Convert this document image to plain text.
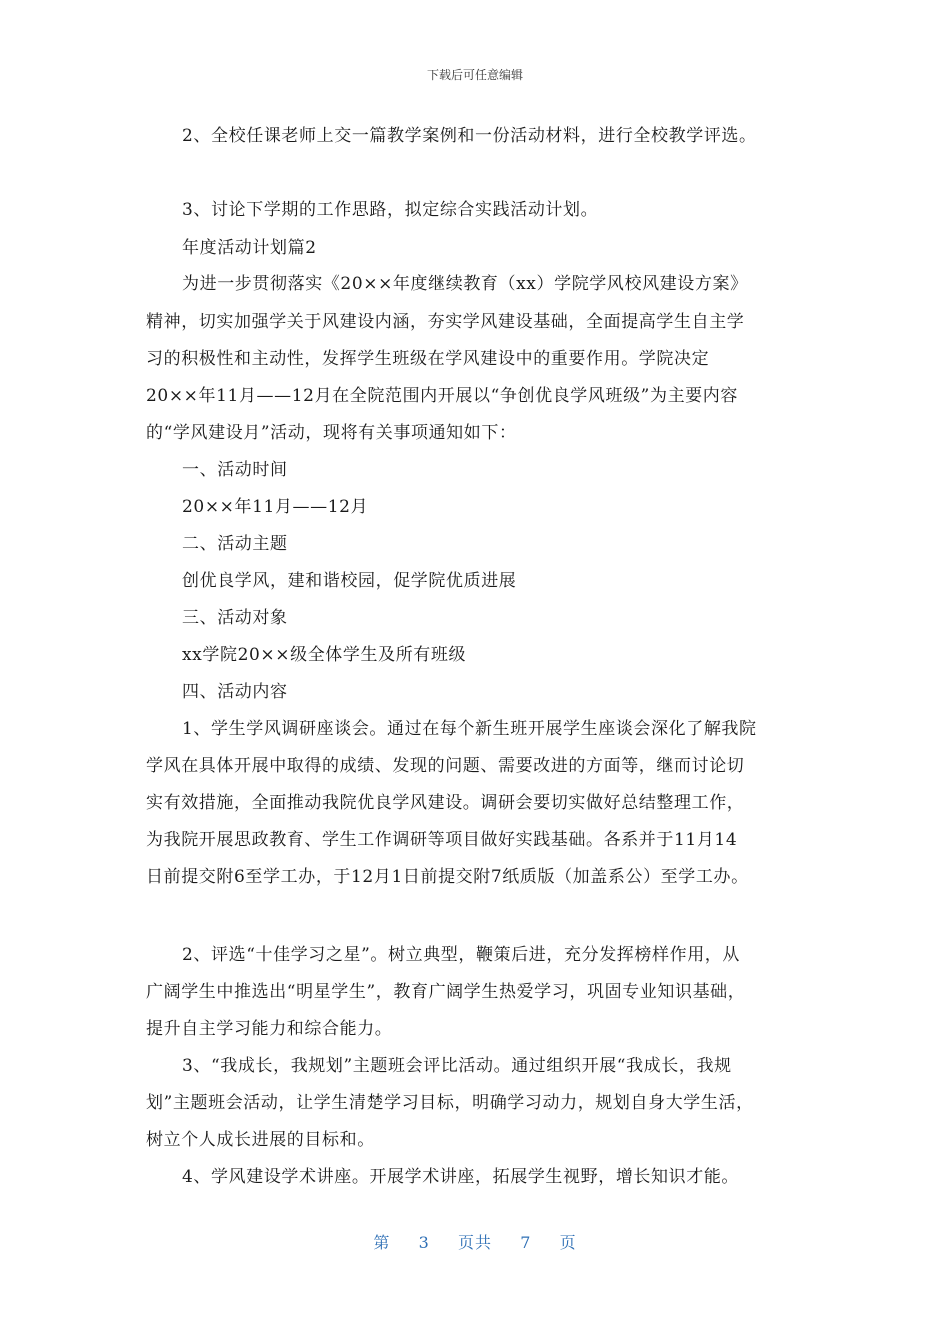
下载后可任意编辑
2、全校任课老师上交一篇教学案例和一份活动材料，进行全校教学评选。
3、讨论下学期的工作思路，拟定综合实践活动计划。
年度活动计划篇2
为进一步贯彻落实《20××年度继续教育（xx）学院学风校风建设方案》
精神，切实加强学关于风建设内涵，夯实学风建设基础，全面提高学生自主学
习的积极性和主动性，发挥学生班级在学风建设中的重要作用。学院决定
20××年11月——12月在全院范围内开展以“争创优良学风班级”为主要内容
的“学风建设月”活动，现将有关事项通知如下：
一、活动时间
20××年11月——12月
二、活动主题
创优良学风，建和谐校园，促学院优质进展
三、活动对象
xx学院20××级全体学生及所有班级
四、活动内容
1、学生学风调研座谈会。通过在每个新生班开展学生座谈会深化了解我院
学风在具体开展中取得的成绩、发现的问题、需要改进的方面等，继而讨论切
实有效措施，全面推动我院优良学风建设。调研会要切实做好总结整理工作，
为我院开展思政教育、学生工作调研等项目做好实践基础。各系并于11月14
日前提交附6至学工办，于12月1日前提交附7纸质版（加盖系公）至学工办。
2、评选“十佳学习之星”。树立典型，鞭策后进，充分发挥榜样作用，从
广阔学生中推选出“明星学生”，教育广阔学生热爱学习，巩固专业知识基础，
提升自主学习能力和综合能力。
3、“我成长，我规划”主题班会评比活动。通过组织开展“我成长，我规
划”主题班会活动，让学生清楚学习目标，明确学习动力，规划自身大学生活，
树立个人成长进展的目标和。
4、学风建设学术讲座。开展学术讲座，拓展学生视野，增长知识才能。
第 3 页共 7 页
